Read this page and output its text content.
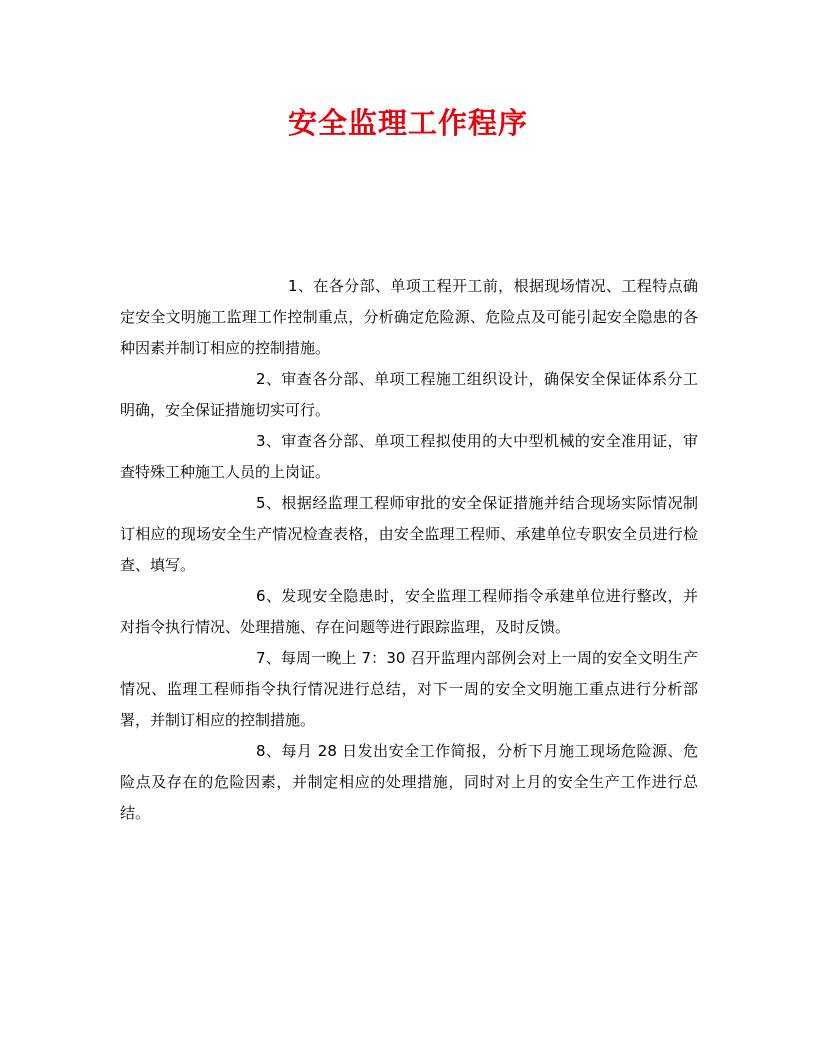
安全监理工作程序

1、在各分部、单项工程开工前，根据现场情况、工程特点确定安全文明施工监理工作控制重点，分析确定危险源、危险点及可能引起安全隐患的各种因素并制订相应的控制措施。

2、审查各分部、单项工程施工组织设计，确保安全保证体系分工明确，安全保证措施切实可行。

3、审查各分部、单项工程拟使用的大中型机械的安全准用证，审查特殊工种施工人员的上岗证。

5、根据经监理工程师审批的安全保证措施并结合现场实际情况制订相应的现场安全生产情况检查表格，由安全监理工程师、承建单位专职安全员进行检查、填写。

6、发现安全隐患时，安全监理工程师指令承建单位进行整改，并对指令执行情况、处理措施、存在问题等进行跟踪监理，及时反馈。

7、每周一晚上 7：30 召开监理内部例会对上一周的安全文明生产情况、监理工程师指令执行情况进行总结，对下一周的安全文明施工重点进行分析部署，并制订相应的控制措施。

8、每月 28 日发出安全工作简报，分析下月施工现场危险源、危险点及存在的危险因素，并制定相应的处理措施，同时对上月的安全生产工作进行总结。
